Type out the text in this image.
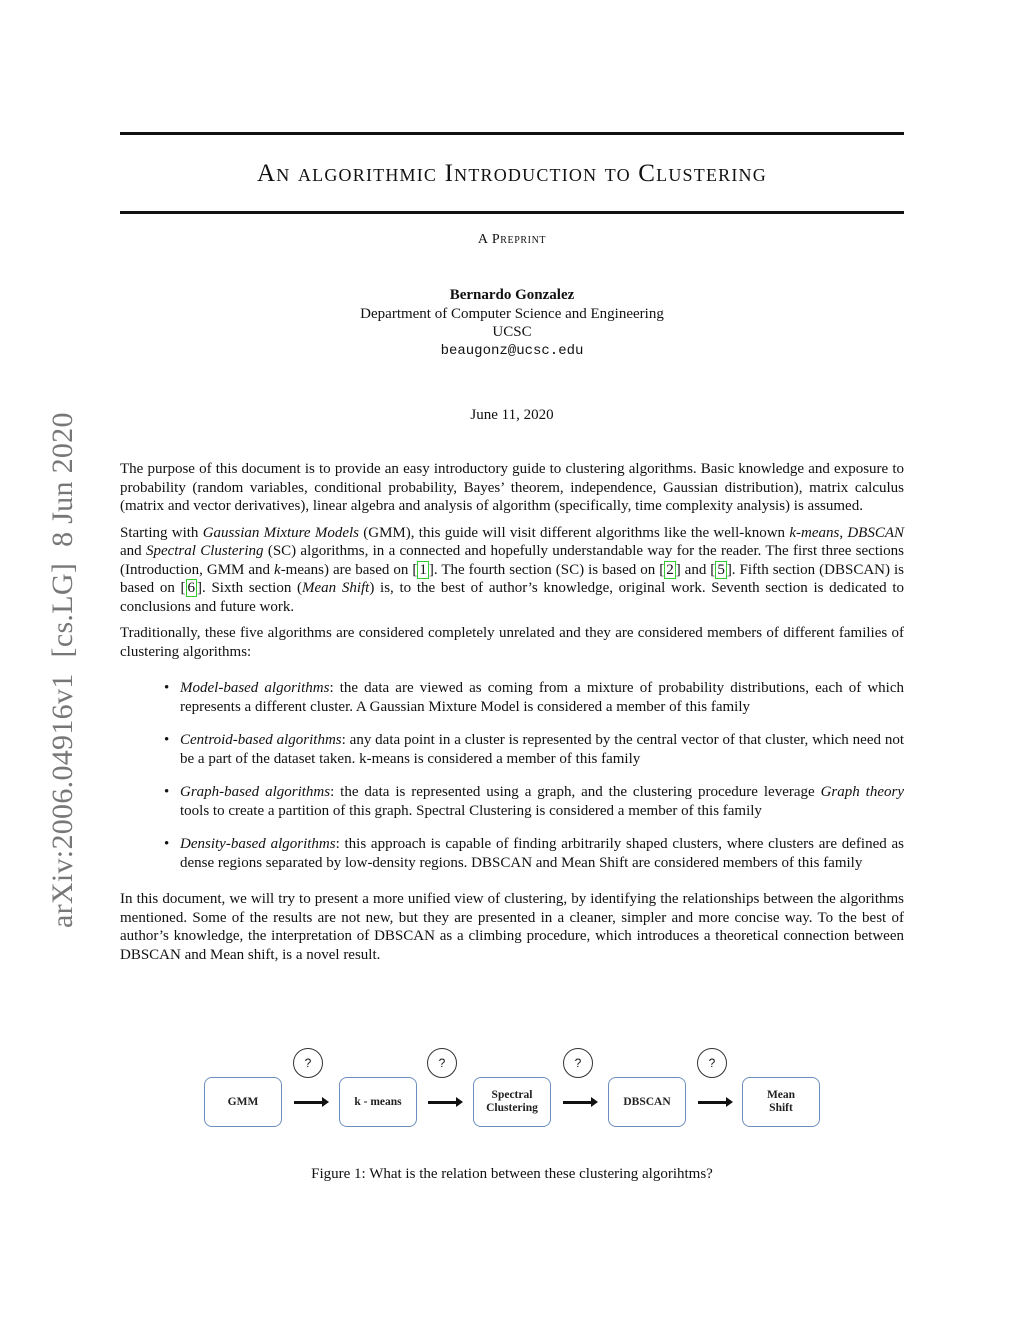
arXiv:2006.04916v1[cs.LG]8 Jun 2020
An algorithmic Introduction to Clustering
A Preprint
Bernardo Gonzalez
Department of Computer Science and Engineering
UCSC
beaugonz@ucsc.edu
June 11, 2020

The purpose of this document is to provide an easy introductory guide to clustering algorithms. Basic knowledge and exposure to probability (random variables, conditional probability, Bayes’ theorem, independence, Gaussian distribution), matrix calculus (matrix and vector derivatives), linear algebra and analysis of algorithm (specifically, time complexity analysis) is assumed.

Starting with Gaussian Mixture Models (GMM), this guide will visit different algorithms like the well-known k-means, DBSCAN and Spectral Clustering (SC) algorithms, in a connected and hopefully understandable way for the reader. The first three sections (Introduction, GMM and k-means) are based on [ 1 ]. The fourth section (SC) is based on [ 2 ] and [ 5 ]. Fifth section (DBSCAN) is based on [ 6 ]. Sixth section (Mean Shift) is, to the best of author’s knowledge, original work. Seventh section is dedicated to conclusions and future work.

Traditionally, these five algorithms are considered completely unrelated and they are considered members of different families of clustering algorithms:

• Model-based algorithms: the data are viewed as coming from a mixture of probability distributions, each of which represents a different cluster. A Gaussian Mixture Model is considered a member of this family
• Centroid-based algorithms: any data point in a cluster is represented by the central vector of that cluster, which need not be a part of the dataset taken. k-means is considered a member of this family
• Graph-based algorithms: the data is represented using a graph, and the clustering procedure leverage Graph theory tools to create a partition of this graph. Spectral Clustering is considered a member of this family
• Density-based algorithms: this approach is capable of finding arbitrarily shaped clusters, where clusters are defined as dense regions separated by low-density regions. DBSCAN and Mean Shift are considered members of this family

In this document, we will try to present a more unified view of clustering, by identifying the relationships between the algorithms mentioned. Some of the results are not new, but they are presented in a cleaner, simpler and more concise way. To the best of author’s knowledge, the interpretation of DBSCAN as a climbing procedure, which introduces a theoretical connection between DBSCAN and Mean shift, is a novel result.

?	?	?	?
GMM	k - means
Spectral Clustering
DBSCAN
Mean Shift
Figure 1: What is the relation between these clustering algorihtms?
